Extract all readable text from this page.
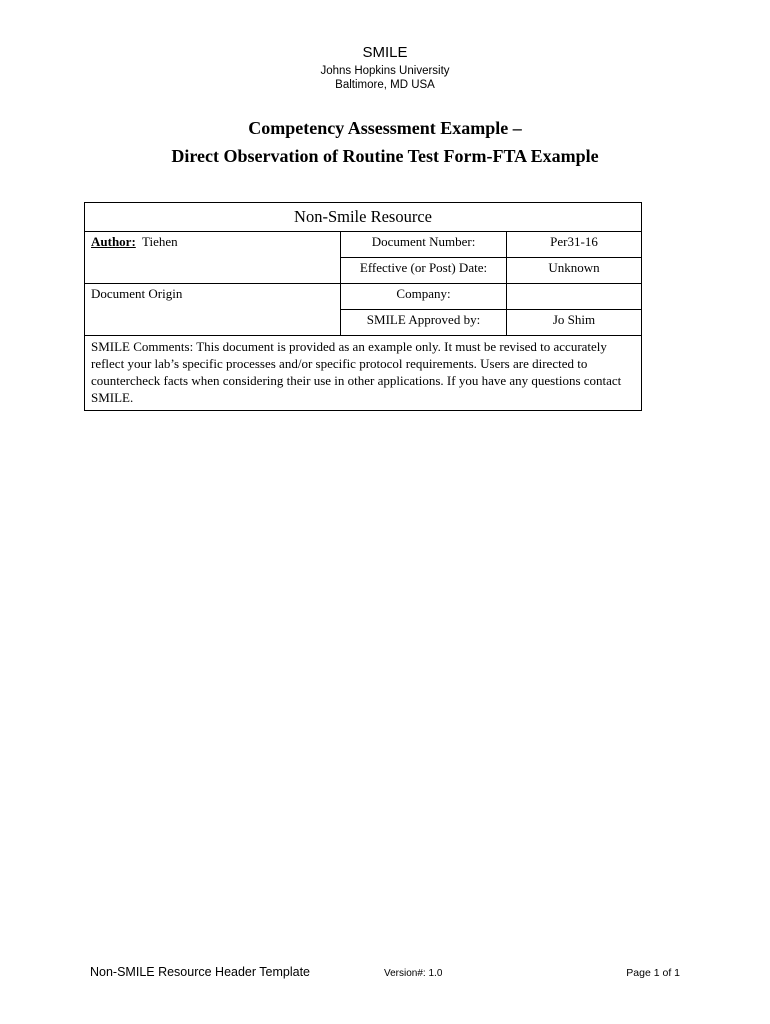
SMILE
Johns Hopkins University
Baltimore, MD USA
Competency Assessment Example –
Direct Observation of Routine Test Form-FTA Example
Non-Smile Resource		
Author: Tiehen	Document Number:	Per31-16
	Effective (or Post) Date:	Unknown
Document Origin	Company:	
	SMILE Approved by:	Jo Shim
SMILE Comments: This document is provided as an example only. It must be revised to accurately reflect your lab’s specific processes and/or specific protocol requirements. Users are directed to countercheck facts when considering their use in other applications. If you have any questions contact SMILE.		
Non-SMILE Resource Header Template	Version#: 1.0	Page 1 of 1
